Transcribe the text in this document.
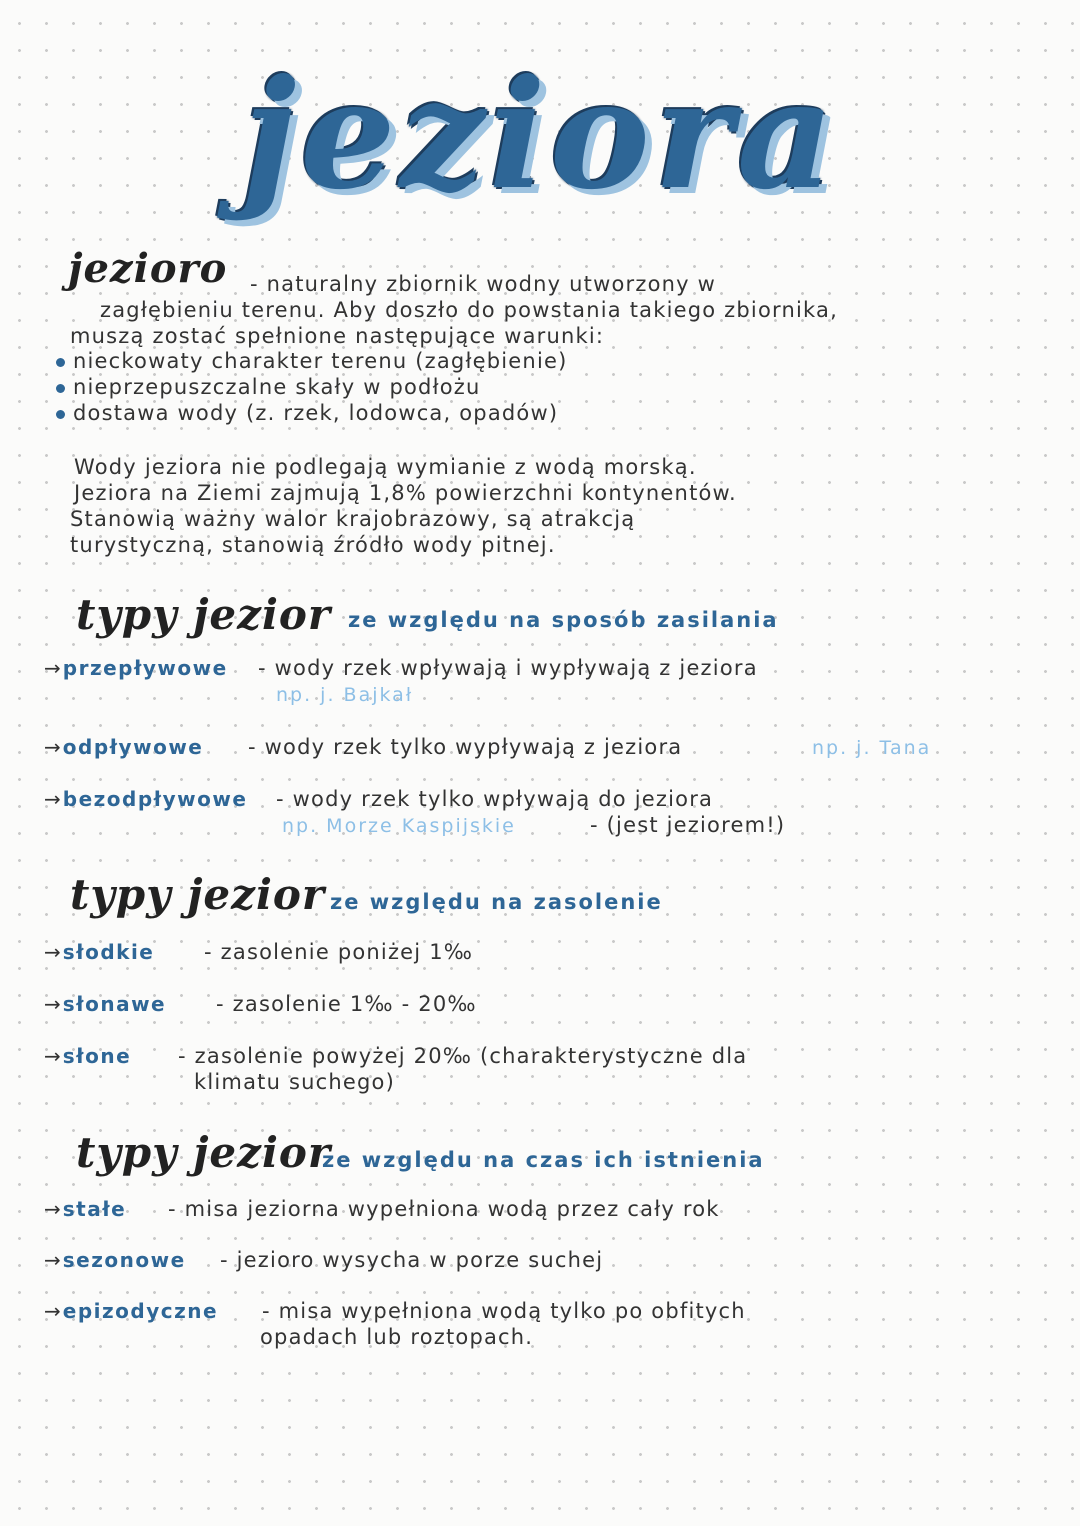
jeziora
jezioro - naturalny zbiornik wodny utworzony w
zagłębieniu terenu. Aby doszło do powstania takiego zbiornika,
muszą zostać spełnione następujące warunki:
nieckowaty charakter terenu (zagłębienie)
nieprzepuszczalne skały w podłożu
dostawa wody (z. rzek, lodowca, opadów)
Wody jeziora nie podlegają wymianie z wodą morską.
Jeziora na Ziemi zajmują 1,8% powierzchni kontynentów.
Stanowią ważny walor krajobrazowy, są atrakcją
turystyczną, stanowią źródło wody pitnej.
typy jezior ze względu na sposób zasilania
→ przepływowe - wody rzek wpływają i wypływają z jeziora
np. j. Bajkał
→ odpływowe - wody rzek tylko wypływają z jeziora	np. j. Tana
→ bezodpływowe - wody rzek tylko wpływają do jeziora
np. Morze Kaspijskie	- (jest jeziorem!)
typy jezior ze względu na zasolenie
→ słodkie - zasolenie poniżej 1‰
→ słonawe - zasolenie 1‰ - 20‰
→ słone - zasolenie powyżej 20‰ (charakterystyczne dla
klimatu suchego)
typy jezior
ze względu na czas ich istnienia
→ stałe - misa jeziorna wypełniona wodą przez cały rok
→ sezonowe - jezioro wysycha w porze suchej
→ epizodyczne - misa wypełniona wodą tylko po obfitych
opadach lub roztopach.
